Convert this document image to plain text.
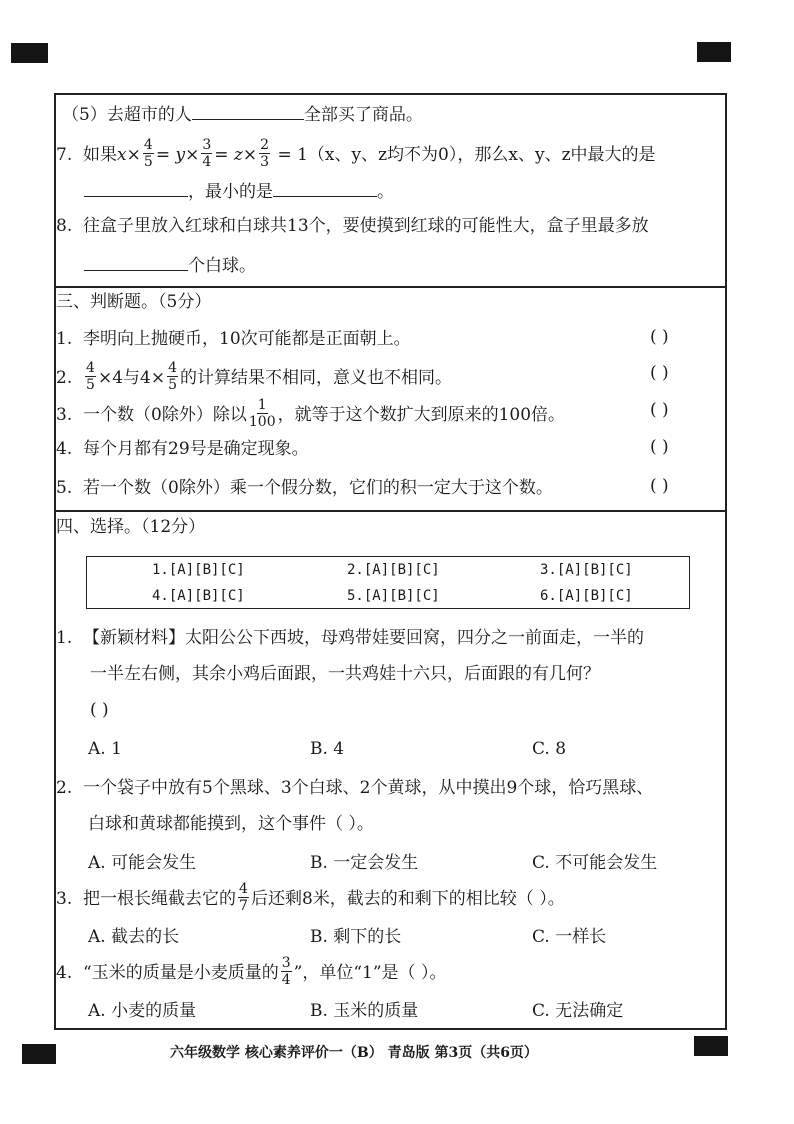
（5）去超市的人	全部买了商品。
7. 如果$x\times \frac{4}{5} = y\times \frac{3}{4} = z\times \frac{2}{3} = 1(x$、y、z均不为0），那么x、y、z中最大的是
，最小的是	。
8. 往盒子里放入红球和白球共13个，要使摸到红球的可能性大，盒子里最多放
个白球。
三、判断题。（5分）
1. 李明向上抛硬币，10次可能都是正面朝上。	( )
2. $\frac{4}{5} \times 4$与$4\times \frac{4}{5}$ 的计算结果不相同，意义也不相同。	( )
3. 一个数（0除外）除以 $\frac{1}{100}$ ，就等于这个数扩大到原来的100倍。	( )
4. 每个月都有29号是确定现象。	( )
5. 若一个数（0除外）乘一个假分数，它们的积一定大于这个数。	( )
四、选择。（12分）
1.[A][B][C]	2.[A][B][C]	3.[A][B][C]
4.[A][B][C]	5.[A][B][C]	6.[A][B][C]
1. 【新颖材料】太阳公公下西坡，母鸡带娃要回窝，四分之一前面走，一半的
一半左右侧，其余小鸡后面跟，一共鸡娃十六只，后面跟的有几何？
( )
A. 1	B. 4	C. 8
2. 一个袋子中放有5个黑球、3个白球、2个黄球，从中摸出9个球，恰巧黑球、
白球和黄球都能摸到，这个事件（ ）。
A. 可能会发生	B. 一定会发生	C. 不可能会发生
3. 把一根长绳截去它的 $\frac{4}{7}$ 后还剩8米，截去的和剩下的相比较（ ）。
A. 截去的长	B. 剩下的长	C. 一样长
4. “玉米的质量是小麦质量的 $\frac{3}{4}$ ”，单位“1”是（ ）。
A. 小麦的质量	B. 玉米的质量	C. 无法确定
六年级数学 核心素养评价一（B） 青岛版 第3页（共6页）
